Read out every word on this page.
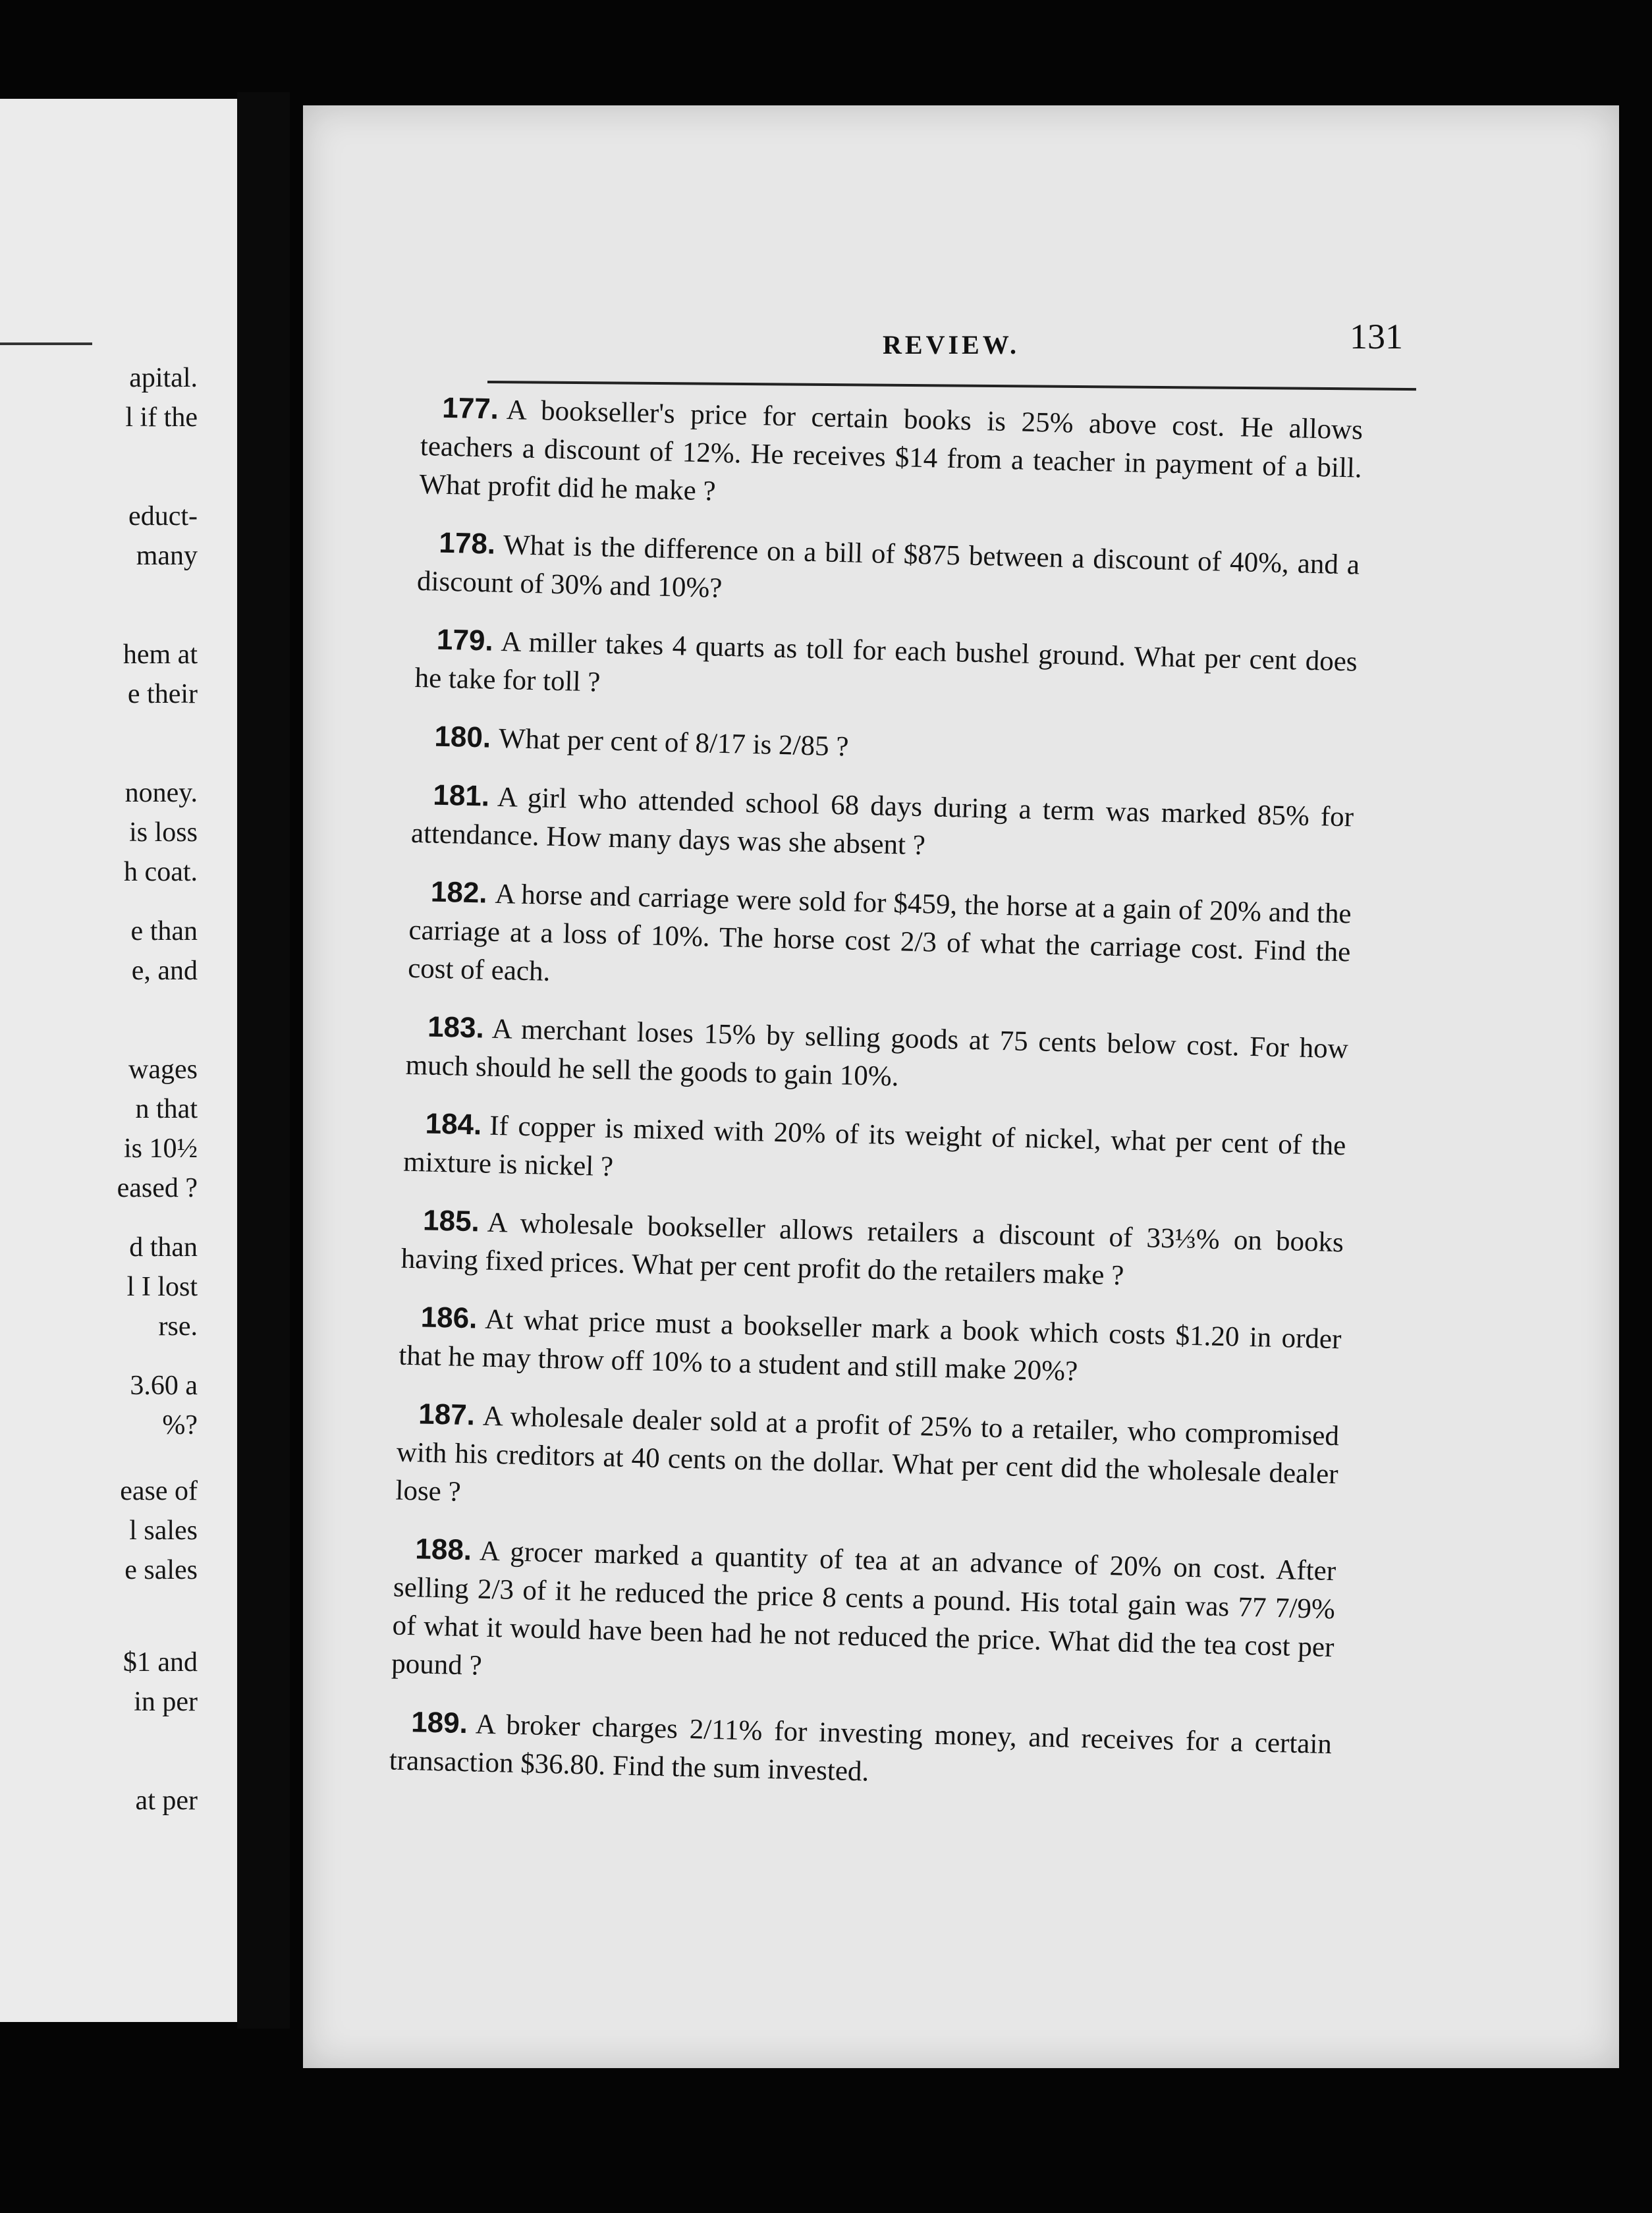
apital.
l if the
educt-
many
hem at
e their
noney.
is loss
h coat.
e than
e, and
wages
n that
is 10½
eased ?
d than
l I lost
rse.
3.60 a
%?
ease of
l sales
e sales
$1 and
in per
at per
REVIEW.	131

177. A bookseller's price for certain books is 25% above cost. He allows teachers a discount of 12%. He receives $14 from a teacher in payment of a bill. What profit did he make ?

178. What is the difference on a bill of $875 between a discount of 40%, and a discount of 30% and 10%?

179. A miller takes 4 quarts as toll for each bushel ground. What per cent does he take for toll ?

180. What per cent of 8/17 is 2/85 ?

181. A girl who attended school 68 days during a term was marked 85% for attendance. How many days was she absent ?

182. A horse and carriage were sold for $459, the horse at a gain of 20% and the carriage at a loss of 10%. The horse cost 2/3 of what the carriage cost. Find the cost of each.

183. A merchant loses 15% by selling goods at 75 cents below cost. For how much should he sell the goods to gain 10%.

184. If copper is mixed with 20% of its weight of nickel, what per cent of the mixture is nickel ?

185. A wholesale bookseller allows retailers a discount of 33⅓% on books having fixed prices. What per cent profit do the retailers make ?

186. At what price must a bookseller mark a book which costs $1.20 in order that he may throw off 10% to a student and still make 20%?

187. A wholesale dealer sold at a profit of 25% to a retailer, who compromised with his creditors at 40 cents on the dollar. What per cent did the wholesale dealer lose ?

188. A grocer marked a quantity of tea at an advance of 20% on cost. After selling 2/3 of it he reduced the price 8 cents a pound. His total gain was 77 7/9% of what it would have been had he not reduced the price. What did the tea cost per pound ?

189. A broker charges 2/11% for investing money, and receives for a certain transaction $36.80. Find the sum invested.
